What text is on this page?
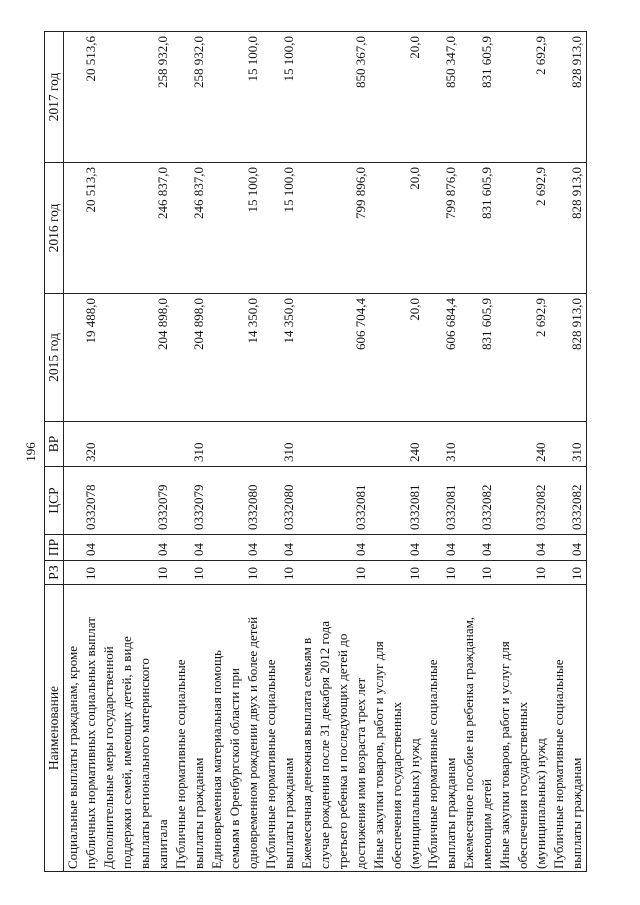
196
Наименование	РЗ	ПР	ЦСР	ВР	2015 год	2016 год	2017 год

Социальные выплаты гражданам, кроме публичных нормативных социальных выплат	10	04	0332078	320	19 488,0	20 513,3	20 513,6

Дополнительные меры государственной поддержки семей, имеющих детей, в виде выплаты регионального материнского капитала	10	04	0332079		204 898,0	246 837,0	258 932,0

Публичные нормативные социальные выплаты гражданам	10	04	0332079	310	204 898,0	246 837,0	258 932,0

Единовременная материальная помощь семьям в Оренбургской области при одновременном рождении двух и более детей	10	04	0332080		14 350,0	15 100,0	15 100,0

Публичные нормативные социальные выплаты гражданам	10	04	0332080	310	14 350,0	15 100,0	15 100,0

Ежемесячная денежная выплата семьям в случае рождения после 31 декабря 2012 года третьего ребенка и последующих детей до достижения ими возраста трех лет	10	04	0332081		606 704,4	799 896,0	850 367,0

Иные закупки товаров, работ и услуг для обеспечения государственных (муниципальных) нужд	10	04	0332081	240	20,0	20,0	20,0

Публичные нормативные социальные выплаты гражданам	10	04	0332081	310	606 684,4	799 876,0	850 347,0

Ежемесячное пособие на ребенка гражданам, имеющим детей	10	04	0332082		831 605,9	831 605,9	831 605,9

Иные закупки товаров, работ и услуг для обеспечения государственных (муниципальных) нужд	10	04	0332082	240	2 692,9	2 692,9	2 692,9

Публичные нормативные социальные выплаты гражданам	10	04	0332082	310	828 913,0	828 913,0	828 913,0
